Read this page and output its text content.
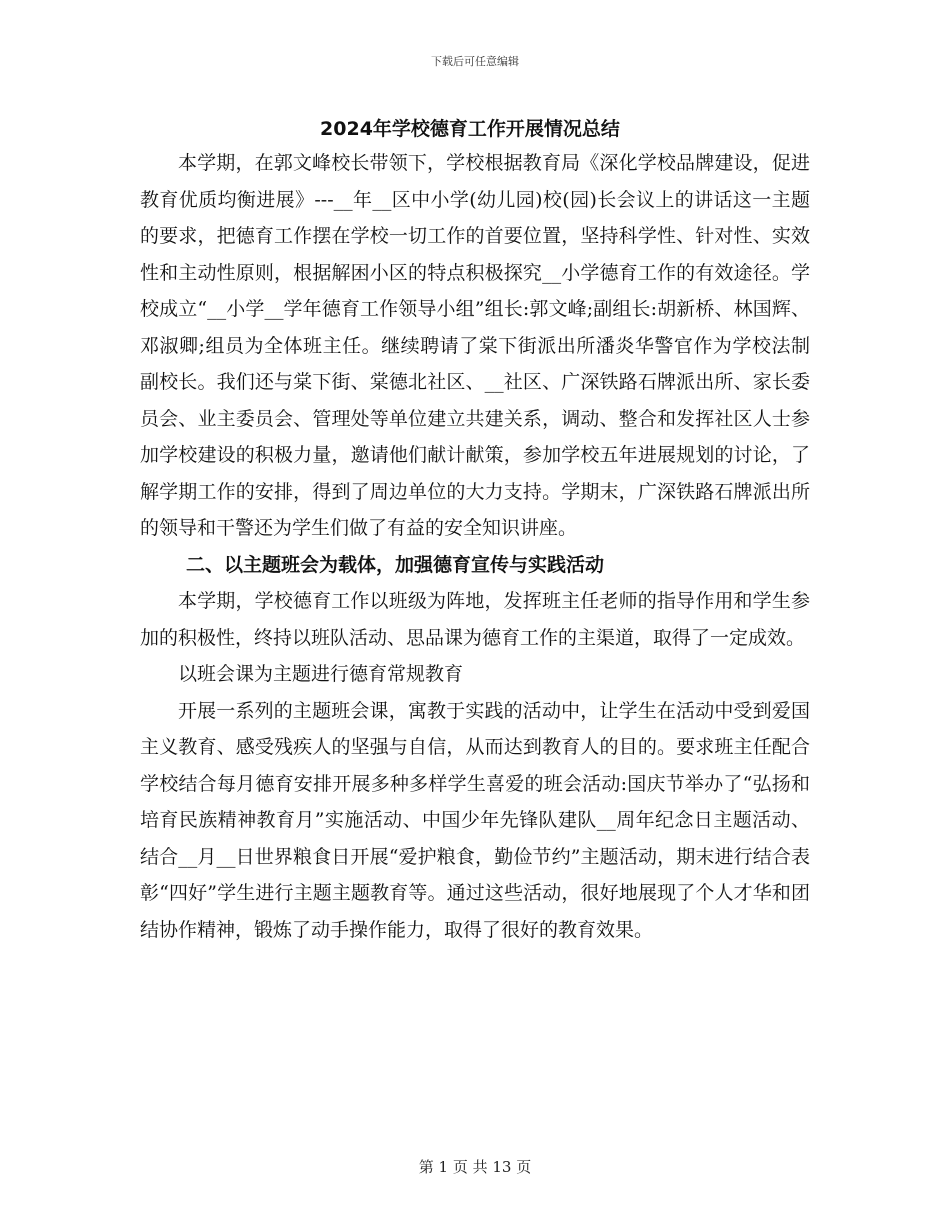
下载后可任意编辑
2024年学校德育工作开展情况总结

本学期，在郭文峰校长带领下，学校根据教育局《深化学校品牌建设，促进教育优质均衡进展》---__年__区中小学(幼儿园)校(园)长会议上的讲话这一主题的要求，把德育工作摆在学校一切工作的首要位置，坚持科学性、针对性、实效性和主动性原则，根据解困小区的特点积极探究__小学德育工作的有效途径。学校成立“__小学__学年德育工作领导小组”组长:郭文峰;副组长:胡新桥、林国辉、邓淑卿;组员为全体班主任。继续聘请了棠下街派出所潘炎华警官作为学校法制副校长。我们还与棠下街、棠德北社区、__社区、广深铁路石牌派出所、家长委员会、业主委员会、管理处等单位建立共建关系，调动、整合和发挥社区人士参加学校建设的积极力量，邀请他们献计献策，参加学校五年进展规划的讨论，了解学期工作的安排，得到了周边单位的大力支持。学期末，广深铁路石牌派出所的领导和干警还为学生们做了有益的安全知识讲座。

二、以主题班会为载体，加强德育宣传与实践活动

本学期，学校德育工作以班级为阵地，发挥班主任老师的指导作用和学生参加的积极性，终持以班队活动、思品课为德育工作的主渠道，取得了一定成效。

以班会课为主题进行德育常规教育

开展一系列的主题班会课，寓教于实践的活动中，让学生在活动中受到爱国主义教育、感受残疾人的坚强与自信，从而达到教育人的目的。要求班主任配合学校结合每月德育安排开展多种多样学生喜爱的班会活动:国庆节举办了“弘扬和培育民族精神教育月”实施活动、中国少年先锋队建队__周年纪念日主题活动、结合__月__日世界粮食日开展“爱护粮食，勤俭节约”主题活动，期末进行结合表彰“四好”学生进行主题主题教育等。通过这些活动，很好地展现了个人才华和团结协作精神，锻炼了动手操作能力，取得了很好的教育效果。

第 1 页 共 13 页
